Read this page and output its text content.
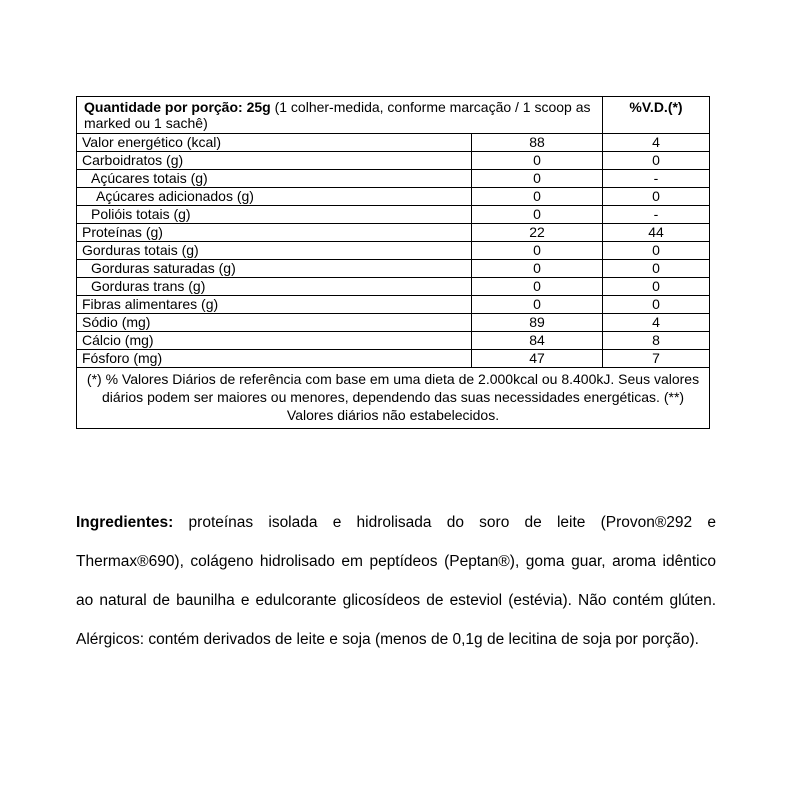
Quantidade por porção: 25g (1 colher-medida, conforme marcação / 1 scoop as marked ou 1 sachê)		%V.D.(*)
Valor energético (kcal)	88	4
Carboidratos (g)	0	0
Açúcares totais (g)	0	-
Açúcares adicionados (g)	0	0
Polióis totais (g)	0	-
Proteínas (g)	22	44
Gorduras totais (g)	0	0
Gorduras saturadas (g)	0	0
Gorduras trans (g)	0	0
Fibras alimentares (g)	0	0
Sódio (mg)	89	4
Cálcio (mg)	84	8
Fósforo (mg)	47	7
(*) % Valores Diários de referência com base em uma dieta de 2.000kcal ou 8.400kJ. Seus valores diários podem ser maiores ou menores, dependendo das suas necessidades energéticas. (**) Valores diários não estabelecidos.		

Ingredientes: proteínas isolada e hidrolisada do soro de leite (Provon®292 e Thermax®690), colágeno hidrolisado em peptídeos (Peptan®), goma guar, aroma idêntico ao natural de baunilha e edulcorante glicosídeos de esteviol (estévia). Não contém glúten. Alérgicos: contém derivados de leite e soja (menos de 0,1g de lecitina de soja por porção).
